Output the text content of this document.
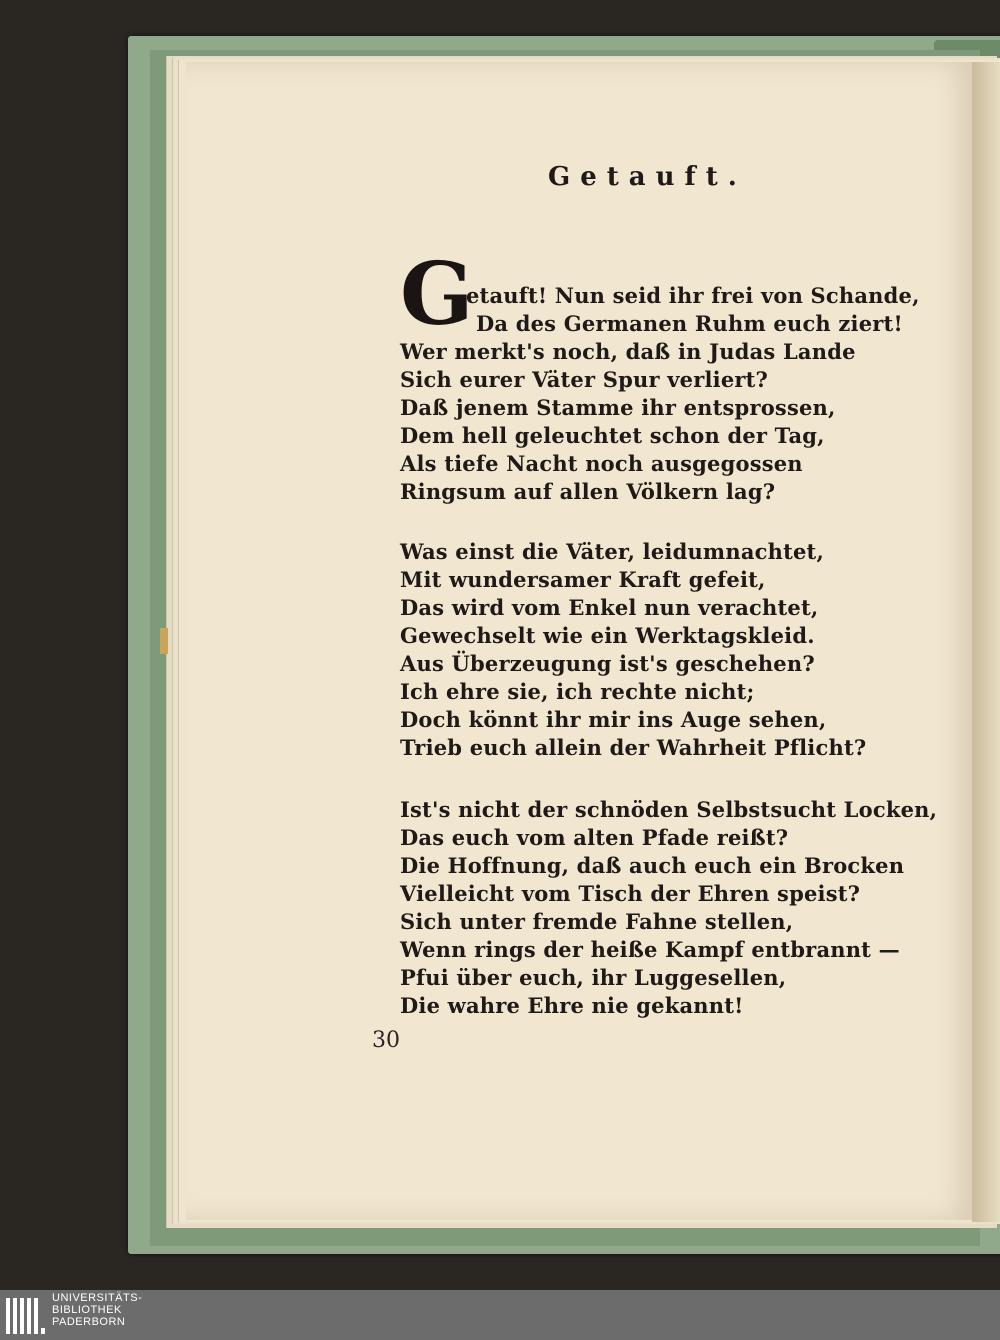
Getauft.
G
etauft! Nun seid ihr frei von Schande,
Da des Germanen Ruhm euch ziert!
Wer merkt's noch, daß in Judas Lande
Sich eurer Väter Spur verliert?
Daß jenem Stamme ihr entsprossen,
Dem hell geleuchtet schon der Tag,
Als tiefe Nacht noch ausgegossen
Ringsum auf allen Völkern lag?
Was einst die Väter, leidumnachtet,
Mit wundersamer Kraft gefeit,
Das wird vom Enkel nun verachtet,
Gewechselt wie ein Werktagskleid.
Aus Überzeugung ist's geschehen?
Ich ehre sie, ich rechte nicht;
Doch könnt ihr mir ins Auge sehen,
Trieb euch allein der Wahrheit Pflicht?
Ist's nicht der schnöden Selbstsucht Locken,
Das euch vom alten Pfade reißt?
Die Hoffnung, daß auch euch ein Brocken
Vielleicht vom Tisch der Ehren speist?
Sich unter fremde Fahne stellen,
Wenn rings der heiße Kampf entbrannt —
Pfui über euch, ihr Luggesellen,
Die wahre Ehre nie gekannt!
30
UNIVERSITÄTS-
BIBLIOTHEK
PADERBORN
